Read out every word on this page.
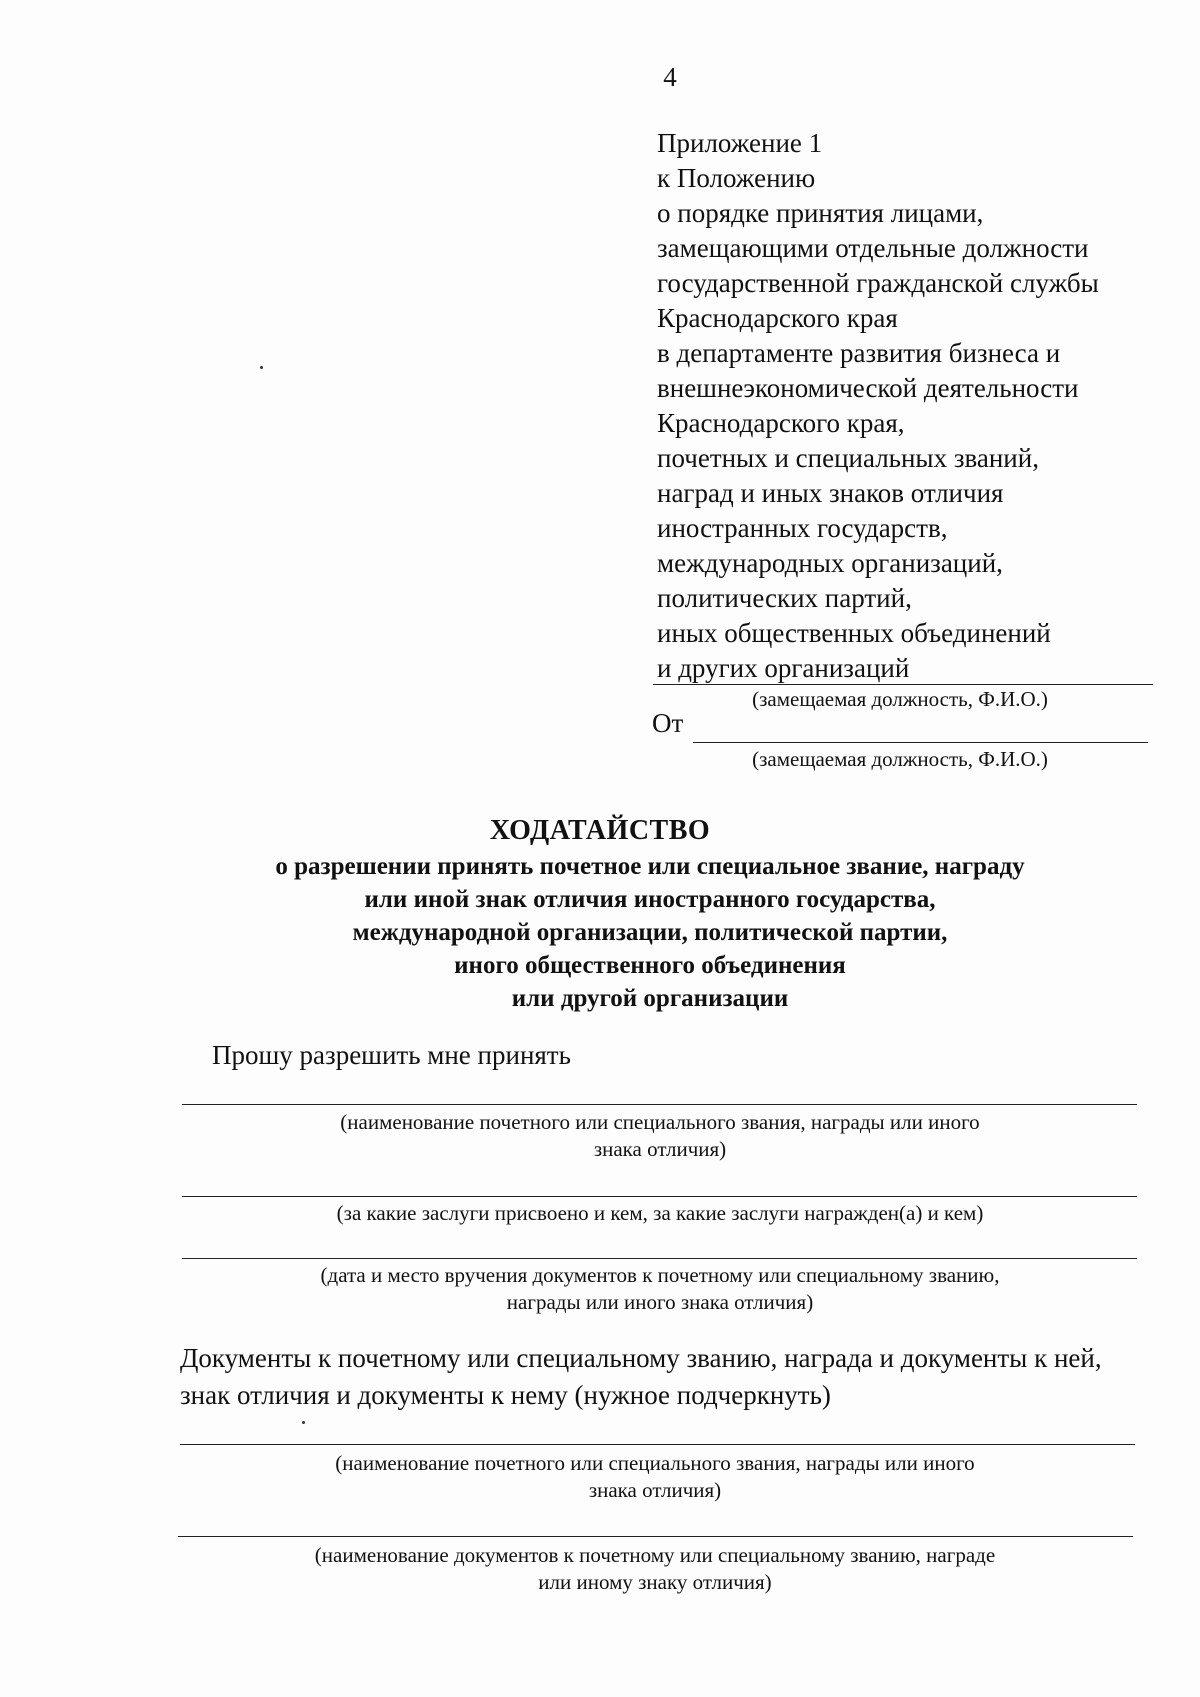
4
Приложение 1
к Положению
о порядке принятия лицами,
замещающими отдельные должности
государственной гражданской службы
Краснодарского края
в департаменте развития бизнеса и
внешнеэкономической деятельности
Краснодарского края,
почетных и специальных званий,
наград и иных знаков отличия
иностранных государств,
международных организаций,
политических партий,
иных общественных объединений
и других организаций
(замещаемая должность, Ф.И.О.)
От
(замещаемая должность, Ф.И.О.)
ХОДАТАЙСТВО
о разрешении принять почетное или специальное звание, награду
или иной знак отличия иностранного государства,
международной организации, политической партии,
иного общественного объединения
или другой организации
Прошу разрешить мне принять
(наименование почетного или специального звания, награды или иного
знака отличия)
(за какие заслуги присвоено и кем, за какие заслуги награжден(а) и кем)
(дата и место вручения документов к почетному или специальному званию,
награды или иного знака отличия)
Документы к почетному или специальному званию, награда и документы к ней,
знак отличия и документы к нему (нужное подчеркнуть)
(наименование почетного или специального звания, награды или иного
знака отличия)
(наименование документов к почетному или специальному званию, награде
или иному знаку отличия)
